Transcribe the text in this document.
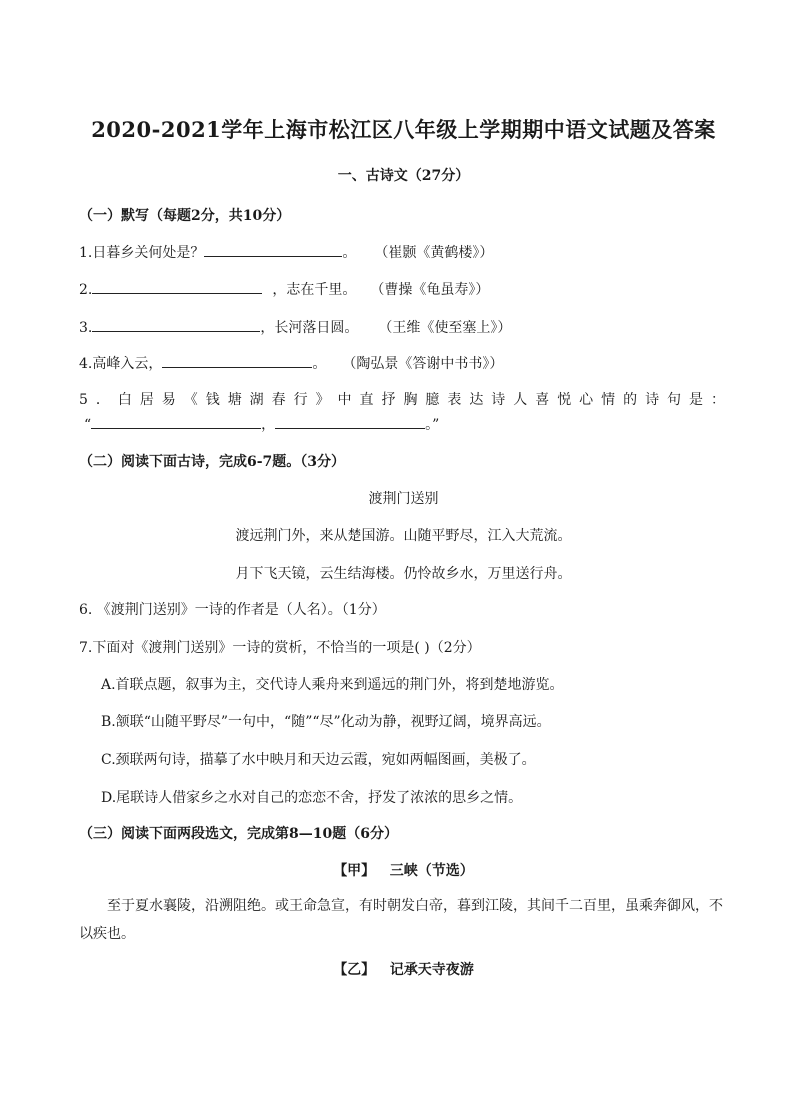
2020-2021学年上海市松江区八年级上学期期中语文试题及答案
一、古诗文（27分）
（一）默写（每题2分，共10分）
1.日暮乡关何处是？	。 （崔颢《黄鹤楼》）
2.	，志在千里。 （曹操《龟虽寿》）
3.	，长河落日圆。 （王维《使至塞上》）
4.高峰入云，	。 （陶弘景《答谢中书书》）
5．白居易《钱塘湖春行》中直抒胸臆表达诗人喜悦心情的诗句是：
“	，	。”
（二）阅读下面古诗，完成6-7题。（3分）
渡荆门送别
渡远荆门外，来从楚国游。山随平野尽，江入大荒流。
月下飞天镜，云生结海楼。仍怜故乡水，万里送行舟。
6. 《渡荆门送别》一诗的作者是（人名）。（1分）
7.下面对《渡荆门送别》一诗的赏析，不恰当的一项是( )（2分）
A.首联点题，叙事为主，交代诗人乘舟来到遥远的荆门外，将到楚地游览。
B.颔联“山随平野尽”一句中，“随”“尽”化动为静，视野辽阔，境界高远。
C.颈联两句诗，描摹了水中映月和天边云霞，宛如两幅图画，美极了。
D.尾联诗人借家乡之水对自己的恋恋不舍，抒发了浓浓的思乡之情。
（三）阅读下面两段选文，完成第8—10题（6分）
【甲】   三峡（节选）
至于夏水襄陵，沿溯阻绝。或王命急宣，有时朝发白帝，暮到江陵，其间千二百里，虽乘奔御风，不以疾也。
【乙】   记承天寺夜游
